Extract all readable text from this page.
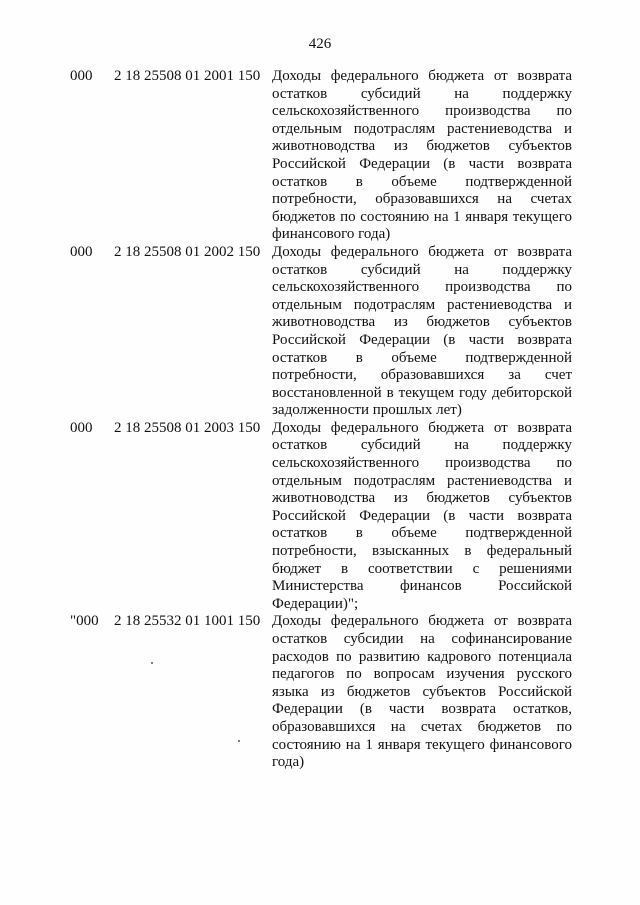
426
000	2 18 25508 01 2001 150 Доходы федерального бюджета от возврата
остатков субсидий на поддержку
сельскохозяйственного производства по
отдельным подотраслям растениеводства и
животноводства из бюджетов субъектов
Российской Федерации (в части возврата
остатков в объеме подтвержденной
потребности, образовавшихся на счетах
бюджетов по состоянию на 1 января текущего
финансового года)
000	2 18 25508 01 2002 150 Доходы федерального бюджета от возврата
остатков субсидий на поддержку
сельскохозяйственного производства по
отдельным подотраслям растениеводства и
животноводства из бюджетов субъектов
Российской Федерации (в части возврата
остатков в объеме подтвержденной
потребности, образовавшихся за счет
восстановленной в текущем году дебиторской
задолженности прошлых лет)
000	2 18 25508 01 2003 150 Доходы федерального бюджета от возврата
остатков субсидий на поддержку
сельскохозяйственного производства по
отдельным подотраслям растениеводства и
животноводства из бюджетов субъектов
Российской Федерации (в части возврата
остатков в объеме подтвержденной
потребности, взысканных в федеральный
бюджет в соответствии с решениями
Министерства финансов Российской
Федерации)";
"000	2 18 25532 01 1001 150 Доходы федерального бюджета от возврата
остатков субсидии на софинансирование
расходов по развитию кадрового потенциала
педагогов по вопросам изучения русского
языка из бюджетов субъектов Российской
Федерации (в части возврата остатков,
образовавшихся на счетах бюджетов по
состоянию на 1 января текущего финансового
года)
